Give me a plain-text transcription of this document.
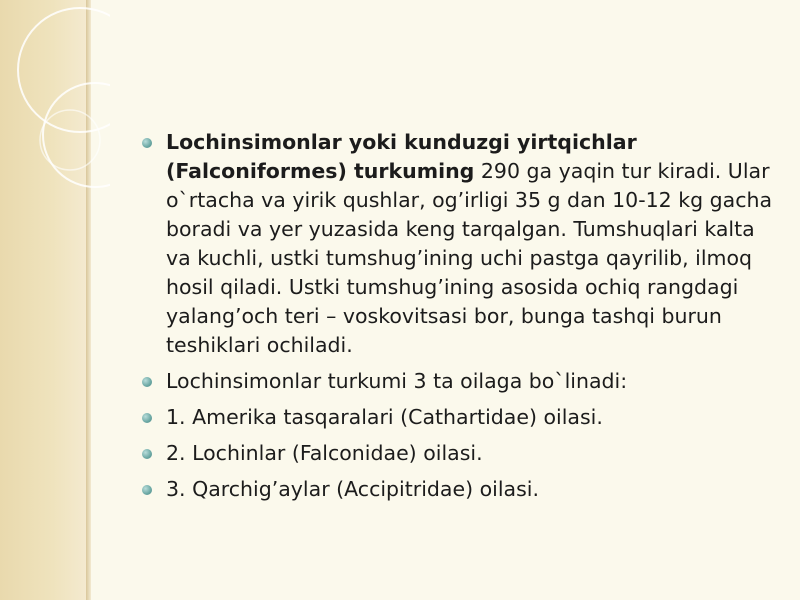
Lochinsimonlar yoki kunduzgi yirtqichlar (Falconiformes) turkuming 290 ga yaqin tur kiradi. Ular o`rtacha va yirik qushlar, og’irligi 35 g dan 10-12 kg gacha boradi va yer yuzasida keng tarqalgan. Tumshuqlari kalta va kuchli, ustki tumshug’ining uchi pastga qayrilib, ilmoq hosil qiladi. Ustki tumshug’ining asosida ochiq rangdagi yalang’och teri – voskovitsasi bor, bunga tashqi burun teshiklari ochiladi.
Lochinsimonlar turkumi 3 ta oilaga bo`linadi:
1. Amerika tasqaralari (Cathartidae) oilasi.
2. Lochinlar (Falconidae) oilasi.
3. Qarchig’aylar (Accipitridae) oilasi.
